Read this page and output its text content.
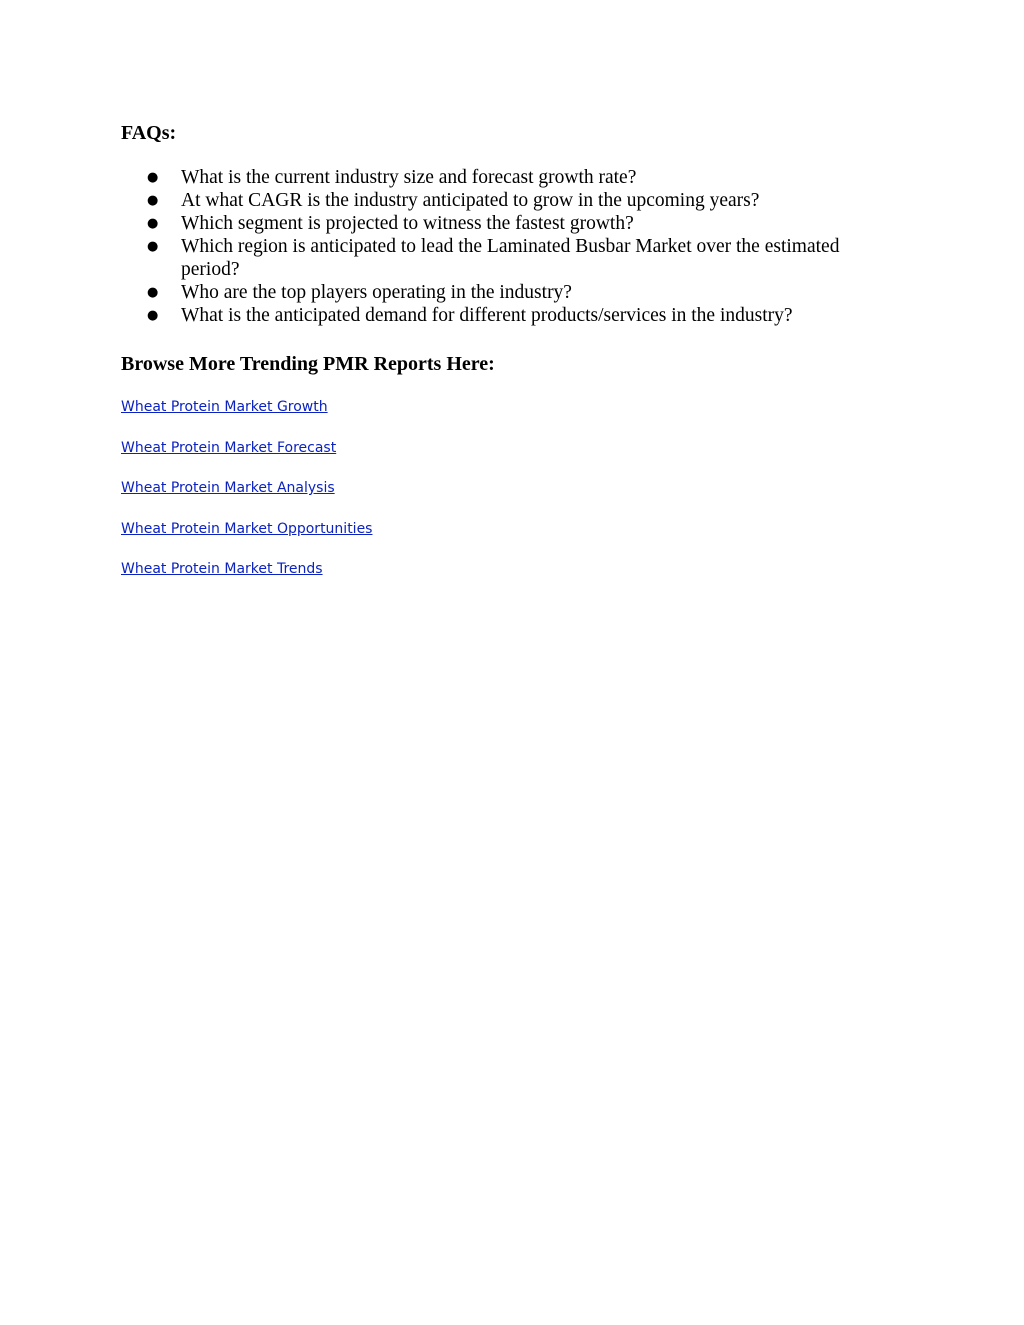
FAQs:
● What is the current industry size and forecast growth rate?
● At what CAGR is the industry anticipated to grow in the upcoming years?
● Which segment is projected to witness the fastest growth?
● Which region is anticipated to lead the Laminated Busbar Market over the estimated period?
● Who are the top players operating in the industry?
● What is the anticipated demand for different products/services in the industry?
Browse More Trending PMR Reports Here:
Wheat Protein Market Growth
Wheat Protein Market Forecast
Wheat Protein Market Analysis
Wheat Protein Market Opportunities
Wheat Protein Market Trends
